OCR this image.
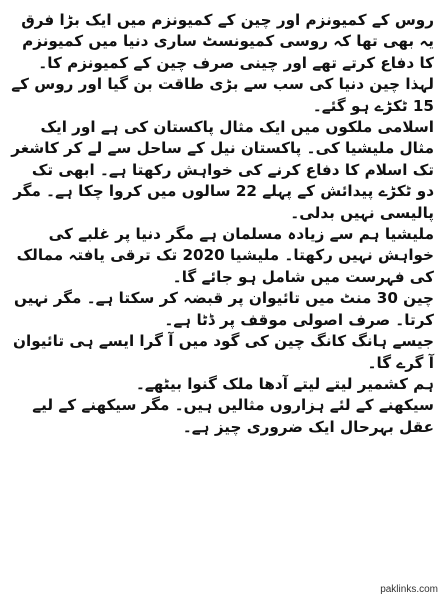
روس کے کمیونزم اور چین کے کمیونزم میں ایک بڑا فرق یہ بھی تھا کہ روسی کمیونسٹ ساری دنیا میں کمیونزم کا دفاع کرتے تھے اور چینی صرف چین کے کمیونزم کا۔ لہذا چین دنیا کی سب سے بڑی طاقت بن گیا اور روس کے 15 ٹکڑے ہو گئے۔

اسلامی ملکوں میں ایک مثال پاکستان کی ہے اور ایک مثال ملیشیا کی۔ پاکستان نیل کے ساحل سے لے کر کاشغر تک اسلام کا دفاع کرنے کی خواہش رکھتا ہے۔ ابھی تک دو ٹکڑے پیدائش کے پہلے 22 سالوں میں کروا چکا ہے۔ مگر پالیسی نہیں بدلی۔

ملیشیا ہم سے زیادہ مسلمان ہے مگر دنیا پر غلبے کی خواہش نہیں رکھتا۔ ملیشیا 2020 تک ترقی یافتہ ممالک کی فہرست میں شامل ہو جائے گا۔

چین 30 منٹ میں تائیوان پر قبضہ کر سکتا ہے۔ مگر نہیں کرتا۔ صرف اصولی موقف پر ڈٹا ہے۔

جیسے ہانگ کانگ چین کی گود میں آ گرا ایسے ہی تائیوان آ گرے گا۔

ہم کشمیر لیتے لیتے آدھا ملک گنوا بیٹھے۔

سیکھنے کے لئے ہزاروں مثالیں ہیں۔ مگر سیکھنے کے لیے عقل بہرحال ایک ضروری چیز ہے۔

paklinks.com
